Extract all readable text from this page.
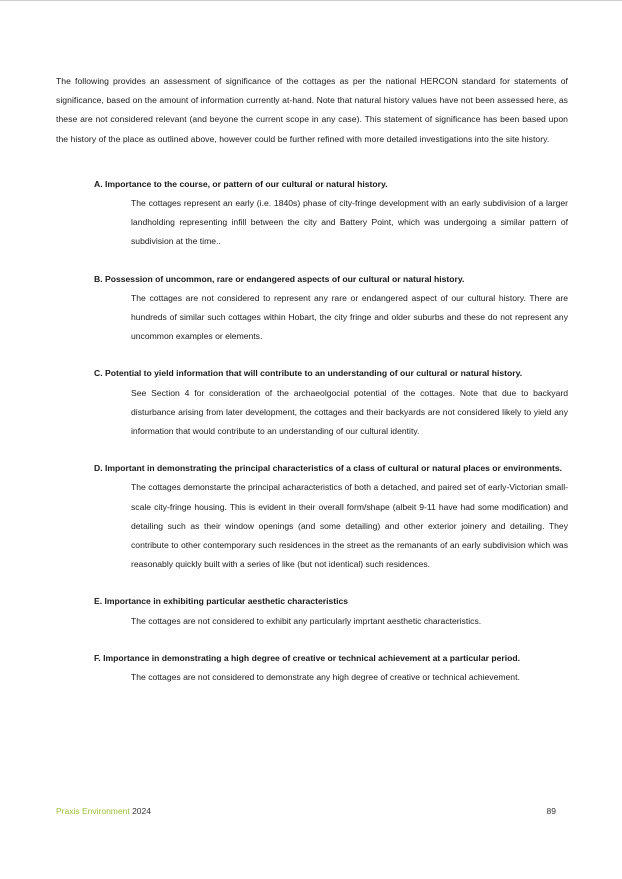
The following provides an assessment of significance of the cottages as per the national HERCON standard for statements of significance, based on the amount of information currently at-hand. Note that natural history values have not been assessed here, as these are not considered relevant (and beyone the current scope in any case). This statement of significance has been based upon the history of the place as outlined above, however could be further refined with more detailed investigations into the site history.

A. Importance to the course, or pattern of our cultural or natural history.
The cottages represent an early (i.e. 1840s) phase of city-fringe development with an early subdivision of a larger landholding representing infill between the city and Battery Point, which was undergoing a similar pattern of subdivision at the time..
B. Possession of uncommon, rare or endangered aspects of our cultural or natural history.
The cottages are not considered to represent any rare or endangered aspect of our cultural history. There are hundreds of similar such cottages within Hobart, the city fringe and older suburbs and these do not represent any uncommon examples or elements.
C. Potential to yield information that will contribute to an understanding of our cultural or natural history.
See Section 4 for consideration of the archaeolgocial potential of the cottages. Note that due to backyard disturbance arising from later development, the cottages and their backyards are not considered likely to yield any information that would contribute to an understanding of our cultural identity.
D. Important in demonstrating the principal characteristics of a class of cultural or natural places or environments.
The cottages demonstarte the principal acharacteristics of both a detached, and paired set of early-Victorian small-scale city-fringe housing. This is evident in their overall form/shape (albeit 9-11 have had some modification) and detailing such as their window openings (and some detailing) and other exterior joinery and detailing. They contribute to other contemporary such residences in the street as the remanants of an early subdivision which was reasonably quickly built with a series of like (but not identical) such residences.
E. Importance in exhibiting particular aesthetic characteristics
The cottages are not considered to exhibit any particularly imprtant aesthetic characteristics.
F. Importance in demonstrating a high degree of creative or technical achievement at a particular period.
The cottages are not considered to demonstrate any high degree of creative or technical achievement.
Praxis Environment 2024	89
